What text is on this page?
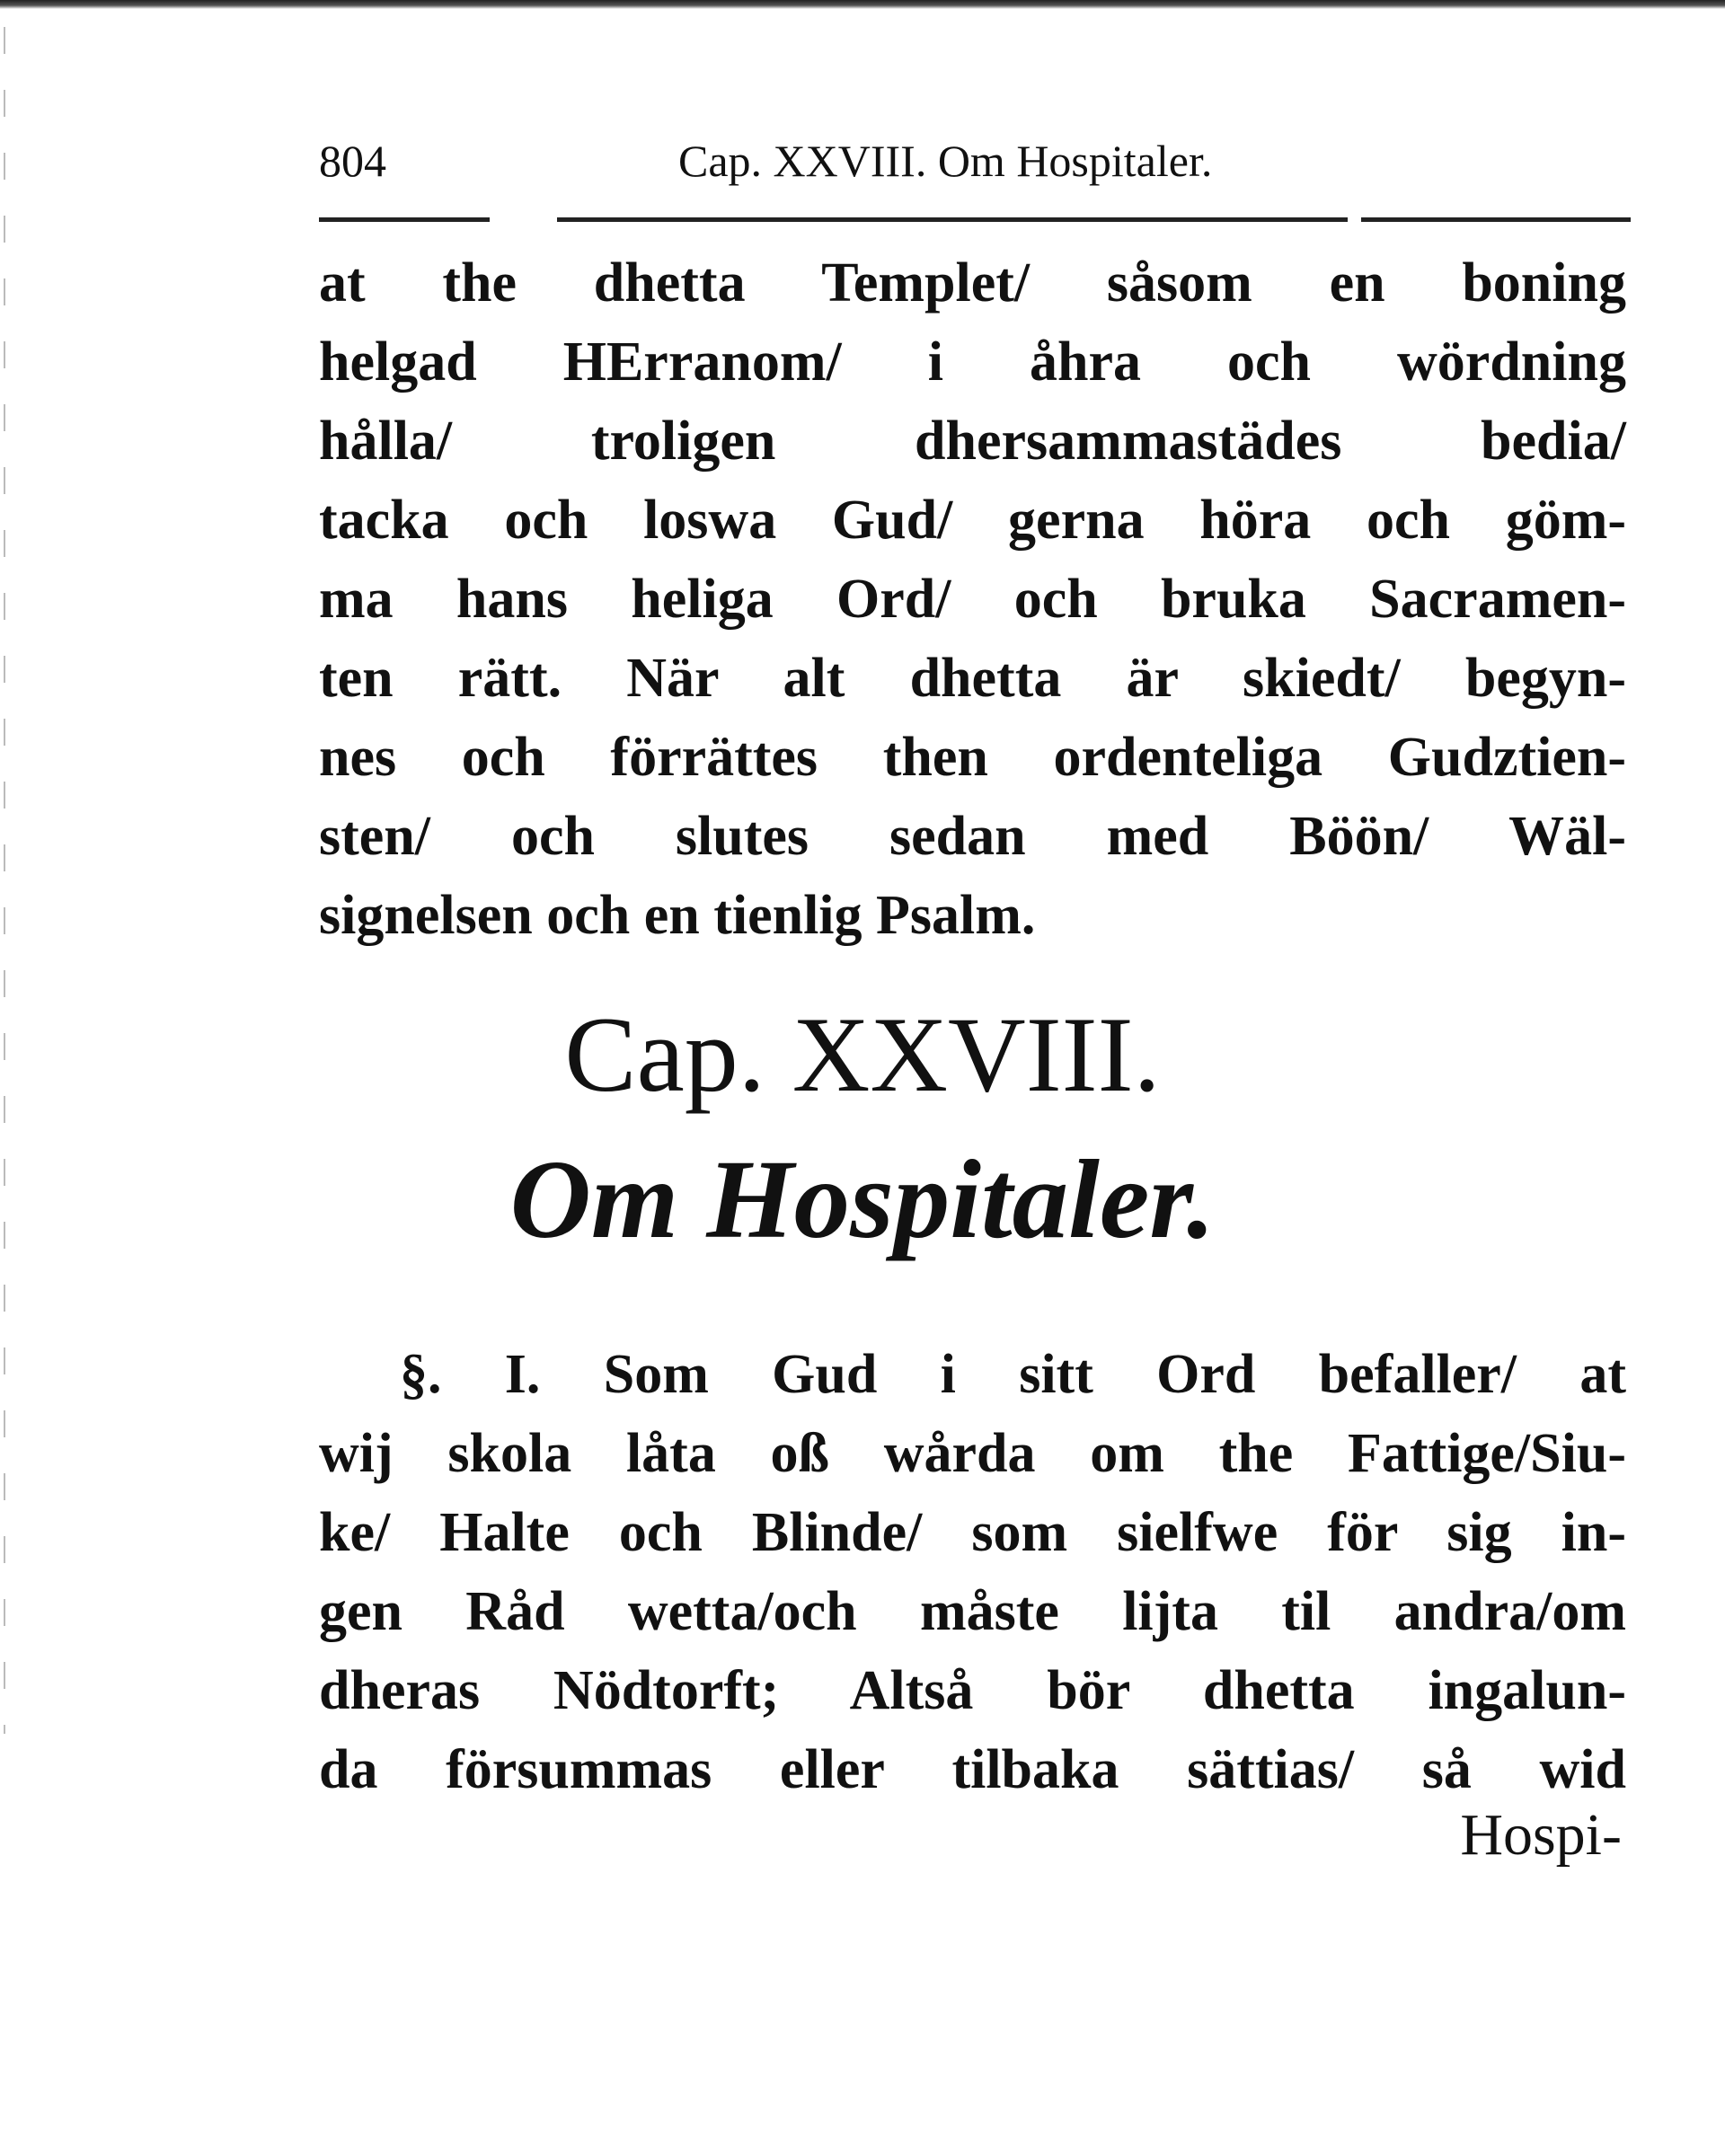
804	Cap. XXVIII. Om Hospitaler.
at the dhetta Templet/ såsom en boning
helgad HErranom/ i åhra och wördning
hålla/ troligen dhersammastädes bedia/
tacka och loswa Gud/ gerna höra och göm-
ma hans heliga Ord/ och bruka Sacramen-
ten rätt. När alt dhetta är skiedt/ begyn-
nes och förrättes then ordenteliga Gudztien-
sten/ och slutes sedan med Böön/ Wäl-
signelsen och en tienlig Psalm.
Cap. XXVIII.
Om Hospitaler.
§. I. Som Gud i sitt Ord befaller/ at
wij skola låta oß wårda om the Fattige/Siu-
ke/ Halte och Blinde/ som sielfwe för sig in-
gen Råd wetta/och måste lijta til andra/om
dheras Nödtorft; Altså bör dhetta ingalun-
da försummas eller tilbaka sättias/ så wid
Hospi-
